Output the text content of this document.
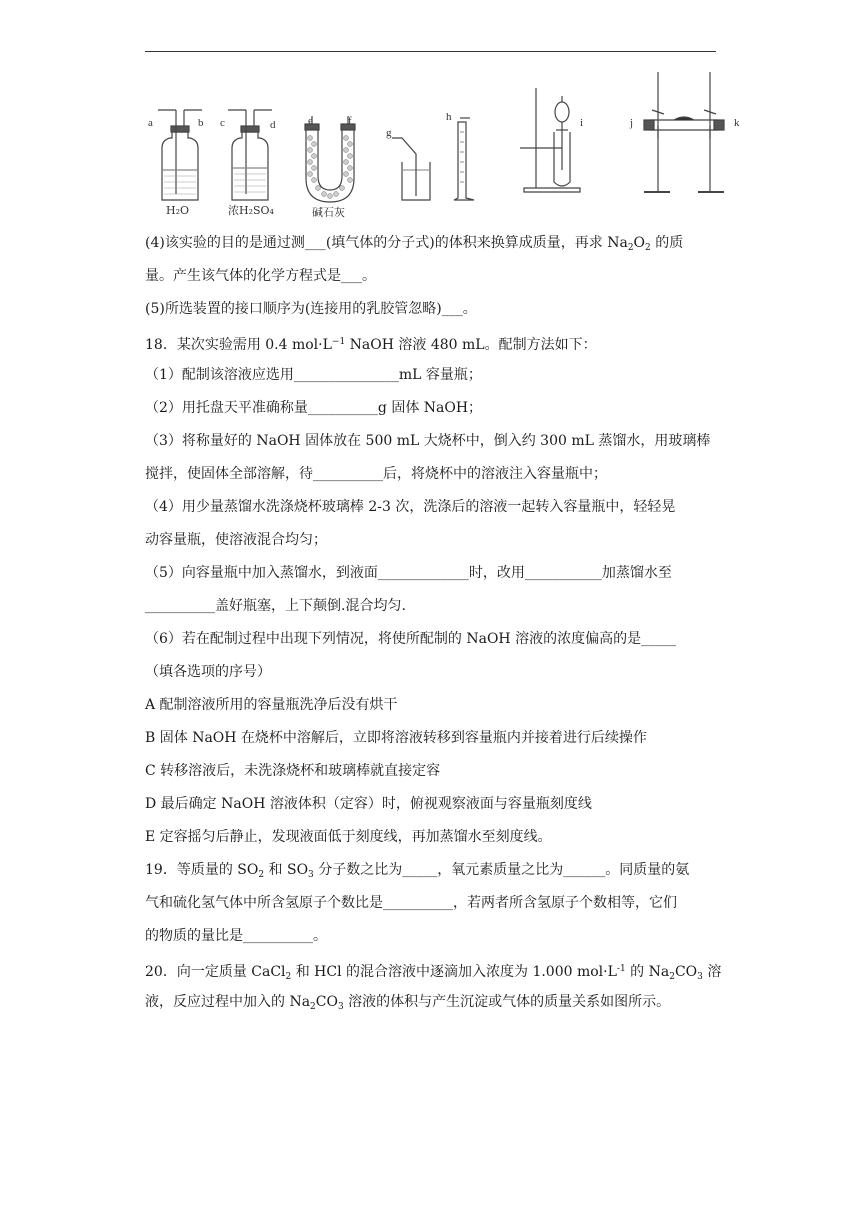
a	b c	d	e	f
g
h	i	j	k
H₂O	浓H₂SO₄	碱石灰
(4)该实验的目的是通过测___(填气体的分子式)的体积来换算成质量，再求 $Na_2O_2$ 的质
量。产生该气体的化学方程式是___。
(5)所选装置的接口顺序为(连接用的乳胶管忽略)___。
18．某次实验需用 0.4 $mol\cdot L^{-1}$ NaOH 溶液 480 mL。配制方法如下：
（1）配制该溶液应选用_______________mL 容量瓶；
（2）用托盘天平准确称量__________g 固体 NaOH；
（3）将称量好的 NaOH 固体放在 500 mL 大烧杯中，倒入约 300 mL 蒸馏水，用玻璃棒
搅拌，使固体全部溶解，待__________后，将烧杯中的溶液注入容量瓶中；
（4）用少量蒸馏水洗涤烧杯玻璃棒 2-3 次，洗涤后的溶液一起转入容量瓶中，轻轻晃
动容量瓶，使溶液混合均匀；
（5）向容量瓶中加入蒸馏水，到液面_____________时，改用___________加蒸馏水至
__________盖好瓶塞，上下颠倒.混合均匀.
（6）若在配制过程中出现下列情况，将使所配制的 NaOH 溶液的浓度偏高的是_____
（填各选项的序号）
A 配制溶液所用的容量瓶洗净后没有烘干
B 固体 NaOH 在烧杯中溶解后，立即将溶液转移到容量瓶内并接着进行后续操作
C 转移溶液后，未洗涤烧杯和玻璃棒就直接定容
D 最后确定 NaOH 溶液体积（定容）时，俯视观察液面与容量瓶刻度线
E 定容摇匀后静止，发现液面低于刻度线，再加蒸馏水至刻度线。
19．等质量的 $SO_2$ 和 $SO_3$ 分子数之比为_____，氧元素质量之比为______。同质量的氨
气和硫化氢气体中所含氢原子个数比是__________，若两者所含氢原子个数相等，它们
的物质的量比是__________。
20．向一定质量 CaCl$_2$ 和 HCl 的混合溶液中逐滴加入浓度为 1.000 $mol\cdot L^{-1}$ 的 $Na_2CO_3$ 溶
液，反应过程中加入的 $Na_2CO_3$ 溶液的体积与产生沉淀或气体的质量关系如图所示。
